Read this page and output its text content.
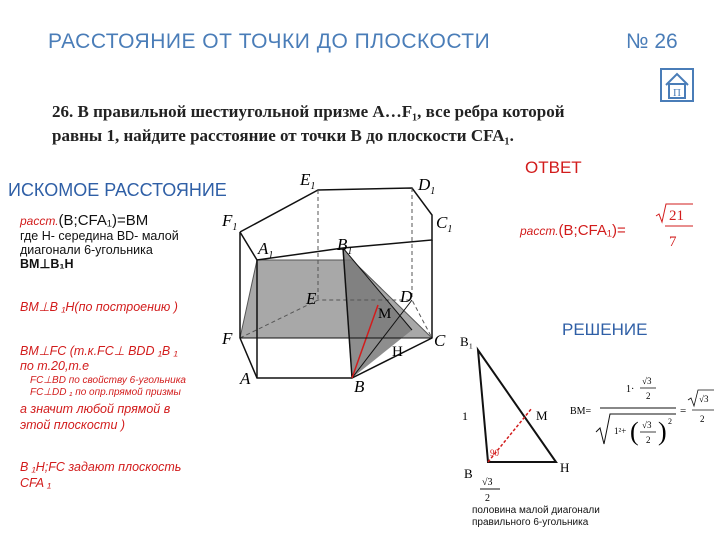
РАССТОЯНИЕ ОТ ТОЧКИ ДО ПЛОСКОСТИ	№ 26
П
26. В правильной шестиугольной призме A…F₁, все ребра которой
равны 1, найдите расстояние от точки B до плоскости CFA₁.
ИСКОМОЕ РАССТОЯНИЕ
расст.(B;CFA₁)=BM
где H- середина BD- малой
диагонали 6-угольника
BM⊥B₁H
BM⊥B ₁H(по построению )
BM⊥FC (т.к.FC⊥ BDD ₁B ₁
по т.20,т.е
FC⊥BD по свойству 6-угольника
FC⊥DD ₁ по опр.прямой призмы
а значит любой прямой в
этой плоскости )
B ₁H;FC задают плоскость
CFA ₁
$E_1$	$D_1$
$F_1$	$C_1$
$A_1$
$B_1$
E	D
F	C
A	B
M
H
ОТВЕТ
расст.(B;CFA₁)=
21
7
РЕШЕНИЕ
B₁
M
H
B
1
90
√3
2
половина малой диагонали
правильного 6-угольника
BM=
1·
√3
2
1²+ ( √3
2 ) 2
=
√3
2
